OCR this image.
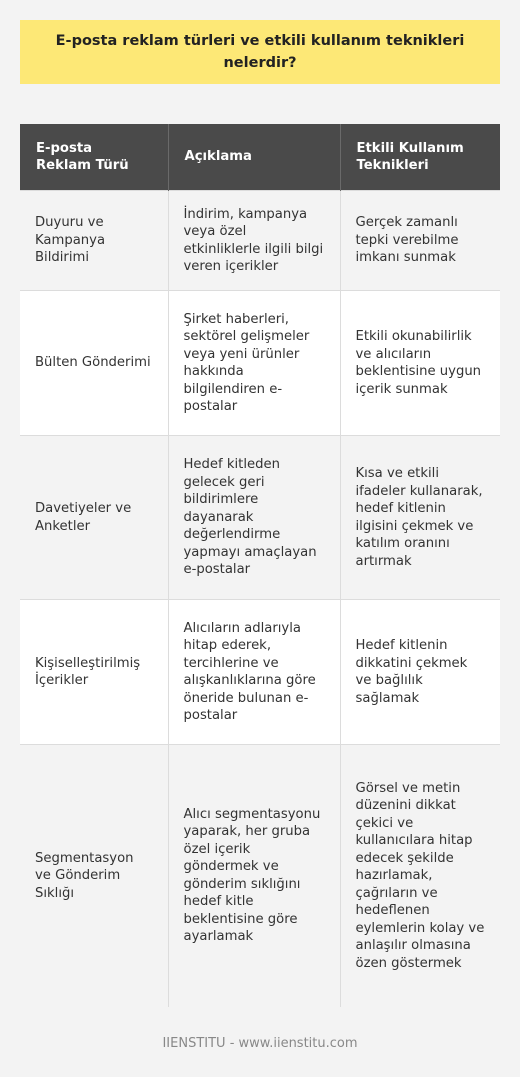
E-posta reklam türleri ve etkili kullanım teknikleri nelerdir?
E-posta Reklam Türü	Açıklama	Etkili Kullanım Teknikleri
Duyuru ve Kampanya Bildirimi	İndirim, kampanya veya özel etkinliklerle ilgili bilgi veren içerikler	Gerçek zamanlı tepki verebilme imkanı sunmak
Bülten Gönderimi	Şirket haberleri, sektörel gelişmeler veya yeni ürünler hakkında bilgilendiren e-postalar	Etkili okunabilirlik ve alıcıların beklentisine uygun içerik sunmak
Davetiyeler ve Anketler	Hedef kitleden gelecek geri bildirimlere dayanarak değerlendirme yapmayı amaçlayan e-postalar	Kısa ve etkili ifadeler kullanarak, hedef kitlenin ilgisini çekmek ve katılım oranını artırmak
Kişiselleştirilmiş İçerikler	Alıcıların adlarıyla hitap ederek, tercihlerine ve alışkanlıklarına göre öneride bulunan e-postalar	Hedef kitlenin dikkatini çekmek ve bağlılık sağlamak
Segmentasyon ve Gönderim Sıklığı	Alıcı segmentasyonu yaparak, her gruba özel içerik göndermek ve gönderim sıklığını hedef kitle beklentisine göre ayarlamak	Görsel ve metin düzenini dikkat çekici ve kullanıcılara hitap edecek şekilde hazırlamak, çağrıların ve hedeflenen eylemlerin kolay ve anlaşılır olmasına özen göstermek
IIENSTITU - www.iienstitu.com
